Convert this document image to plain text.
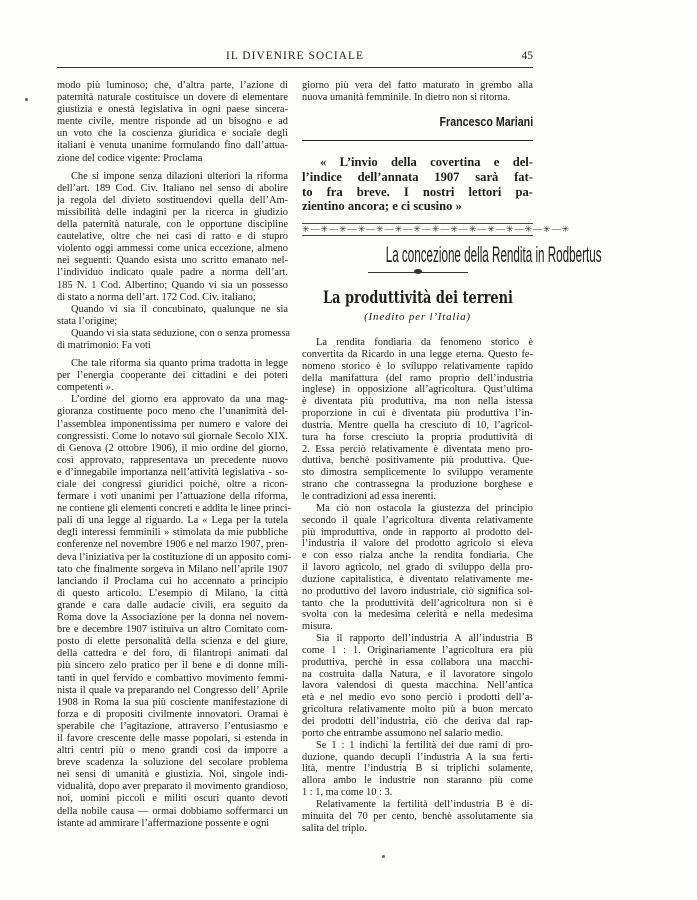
IL DIVENIRE SOCIALE	45
modo più luminoso; che, d’altra parte, l’azione di
paternità naturale costituisce un dovere di elementare
giustizia e onestà legislativa in ogni paese sincera-
mente civile, mentre risponde ad un bisogno e ad
un voto che la coscienza giuridica e sociale degli
italiani è venuta unanime formulando fino dall’attua-
zione del codice vigente: Proclama
Che si impone senza dilazioni ulteriori la riforma
dell’art. 189 Cod. Civ. Italiano nel senso di abolire
ja regola del divieto sostituendovi quella dell’Am-
missibilità delle indagini per la ricerca in giudizio
della paternità naturale, con le opportune discipline
cautelative, oltre che nei casi di ratto e di stupro
violento oggi ammessi come unica eccezione, almeno
nei seguenti: Quando esista uno scritto emanato nel-
l’individuo indicato quale padre a norma dell’art.
185 N. 1 Cod. Albertino; Quando vi sia un possesso
di stato a norma dell’art. 172 Cod. Civ. italiano;
Quando vi sia il concubinato, qualunque ne sia
stata l’origine;
Quando vi sia stata seduzione, con o senza promessa
di matrimonio: Fa voti
Che tale riforma sia quanto prima tradotta in legge
per l’energia cooperante dei cittadini e dei poteri
competenti ».
L’ordine del giorno era approvato da una mag-
gioranza costituente poco meno che l’unanimità del-
l’assemblea imponentissima per numero e valore dei
congressisti. Come lo notavo sul giornale Secolo XIX.
di Genova (2 ottobre 1906), il mio ordine del giorno,
così approvato, rappresentava un precedente nuovo
e d’innegabile importanza nell’attività legislativa - so-
ciale dei congressi giuridici poichè, oltre a ricon-
fermare i voti unanimi per l’attuazione della riforma,
ne contiene gli elementi concreti e addita le linee princi-
pali di una legge al riguardo. La « Lega per la tutela
degli interessi femminili » stimolata da mie pubbliche
conferenze nel novembre 1906 e nel marzo 1907, pren-
deva l’iniziativa per la costituzione di un apposito comi-
tato che finalmente sorgeva in Milano nell’aprile 1907
lanciando il Proclama cui ho accennato a principio
di questo articolo. L’esempio di Milano, la città
grande e cara dalle audacie civili, era seguito da
Roma dove la Associazione per la donna nel novem-
bre e decembre 1907 istituiva un altro Comitato com-
posto di elette personalità della scienza e del giure,
della cattedra e del foro, di filantropi animati dal
più sincero zelo pratico per il bene e di donne mili-
tanti in quel fervido e combattivo movimento femmi-
nista il quale va preparando nel Congresso dell’ Aprile
1908 in Roma la sua più cosciente manifestazione di
forza e di propositi civilmente innovatori. Oramai è
sperabile che l’agitazione, attraverso l’entusiasmo e
il favore crescente delle masse popolari, si estenda in
altri centri più o meno grandi così da imporre a
breve scadenza la soluzione del secolare problema
nei sensi di umanità e giustizia. Noi, singole indi-
vidualità, dopo aver preparato il movimento grandioso,
noi, uomini piccoli e militi oscuri quanto devoti
della nobile causa — ormai dobbiamo soffermarci un
istante ad ammirare l’affermazione possente e ogni
giorno più vera del fatto maturato in grembo alla
nuova umanità femminile. In dietro non si ritorna.
Francesco Mariani
« L’invio della covertina e del-
l’indice dell’annata 1907 sarà fat-
to fra breve. I nostri lettori pa-
zientino ancora; e ci scusino »
✳—✳—✳—✳—✳—✳—✳—✳—✳—✳—✳—✳—✳—✳—✳
La concezione della Rendita in Rodbertus
La produttività dei terreni
(Inedito per l’Italia)
La rendita fondiaria da fenomeno storico è
convertita da Ricardo in una legge eterna. Questo fe-
nomeno storico è lo sviluppo relativamente rapido
della manifattura (del ramo proprio dell’industria
inglese) in opposizione all’agricoltura. Qust’ultima
è diventata più produttiva, ma non nella istessa
proporzione in cui è diventata più produttiva l’in-
dustria. Mentre quella ha cresciuto di 10, l’agricol-
tura ha forse cresciuto la propria produttività di
2. Essa perciò relativamente è diventata meno pro-
duttiva, benchè positivamente più produttiva. Que-
sto dimostra semplicemente lo sviluppo veramente
strano che contrassegna la produzione borghese e
le contradizioni ad essa inerenti.
Ma ciò non ostacola la giustezza del principio
secondo il quale l’agricoltura diventa relativamente
più improduttiva, onde in rapporto al prodotto del-
l’industria il valore del prodotto agricolo si eleva
e con esso rialza anche la rendita fondiaria. Che
il lavoro agricolo, nel grado di sviluppo della pro-
duzione capitalistica, è diventato relativamente me-
no produttivo del lavoro industriale, ciò significa sol-
tanto che la produttività dell’agricoltura non si è
svolta con la medesima celerità e nella medesima
misura.
Sia il rapporto dell’industria A all’industria B
come 1 : 1. Originariamente l’agricoltura era più
produttiva, perchè in essa collabora una macchi-
na costruita dalla Natura, e il lavoratore singolo
lavora valendosi di questa macchina. Nell’antica
età e nel medio evo sono perciò i prodotti dell’a-
gricoltura relativamente molto più a buon mercato
dei prodotti dell’industria, ciò che deriva dal rap-
porto che entrambe assumono nel salario medio.
Se 1 : 1 indichi la fertilità dei due rami di pro-
duzione, quando decupli l’industria A la sua ferti-
lità, mentre l’industria B si triplichi solamente,
allora ambo le industrie non staranno più come
1 : 1, ma come 10 : 3.
Relativamente la fertilità dell’industria B è di-
minuita del 70 per cento, benchè assolutamente sia
salita del triplo.
